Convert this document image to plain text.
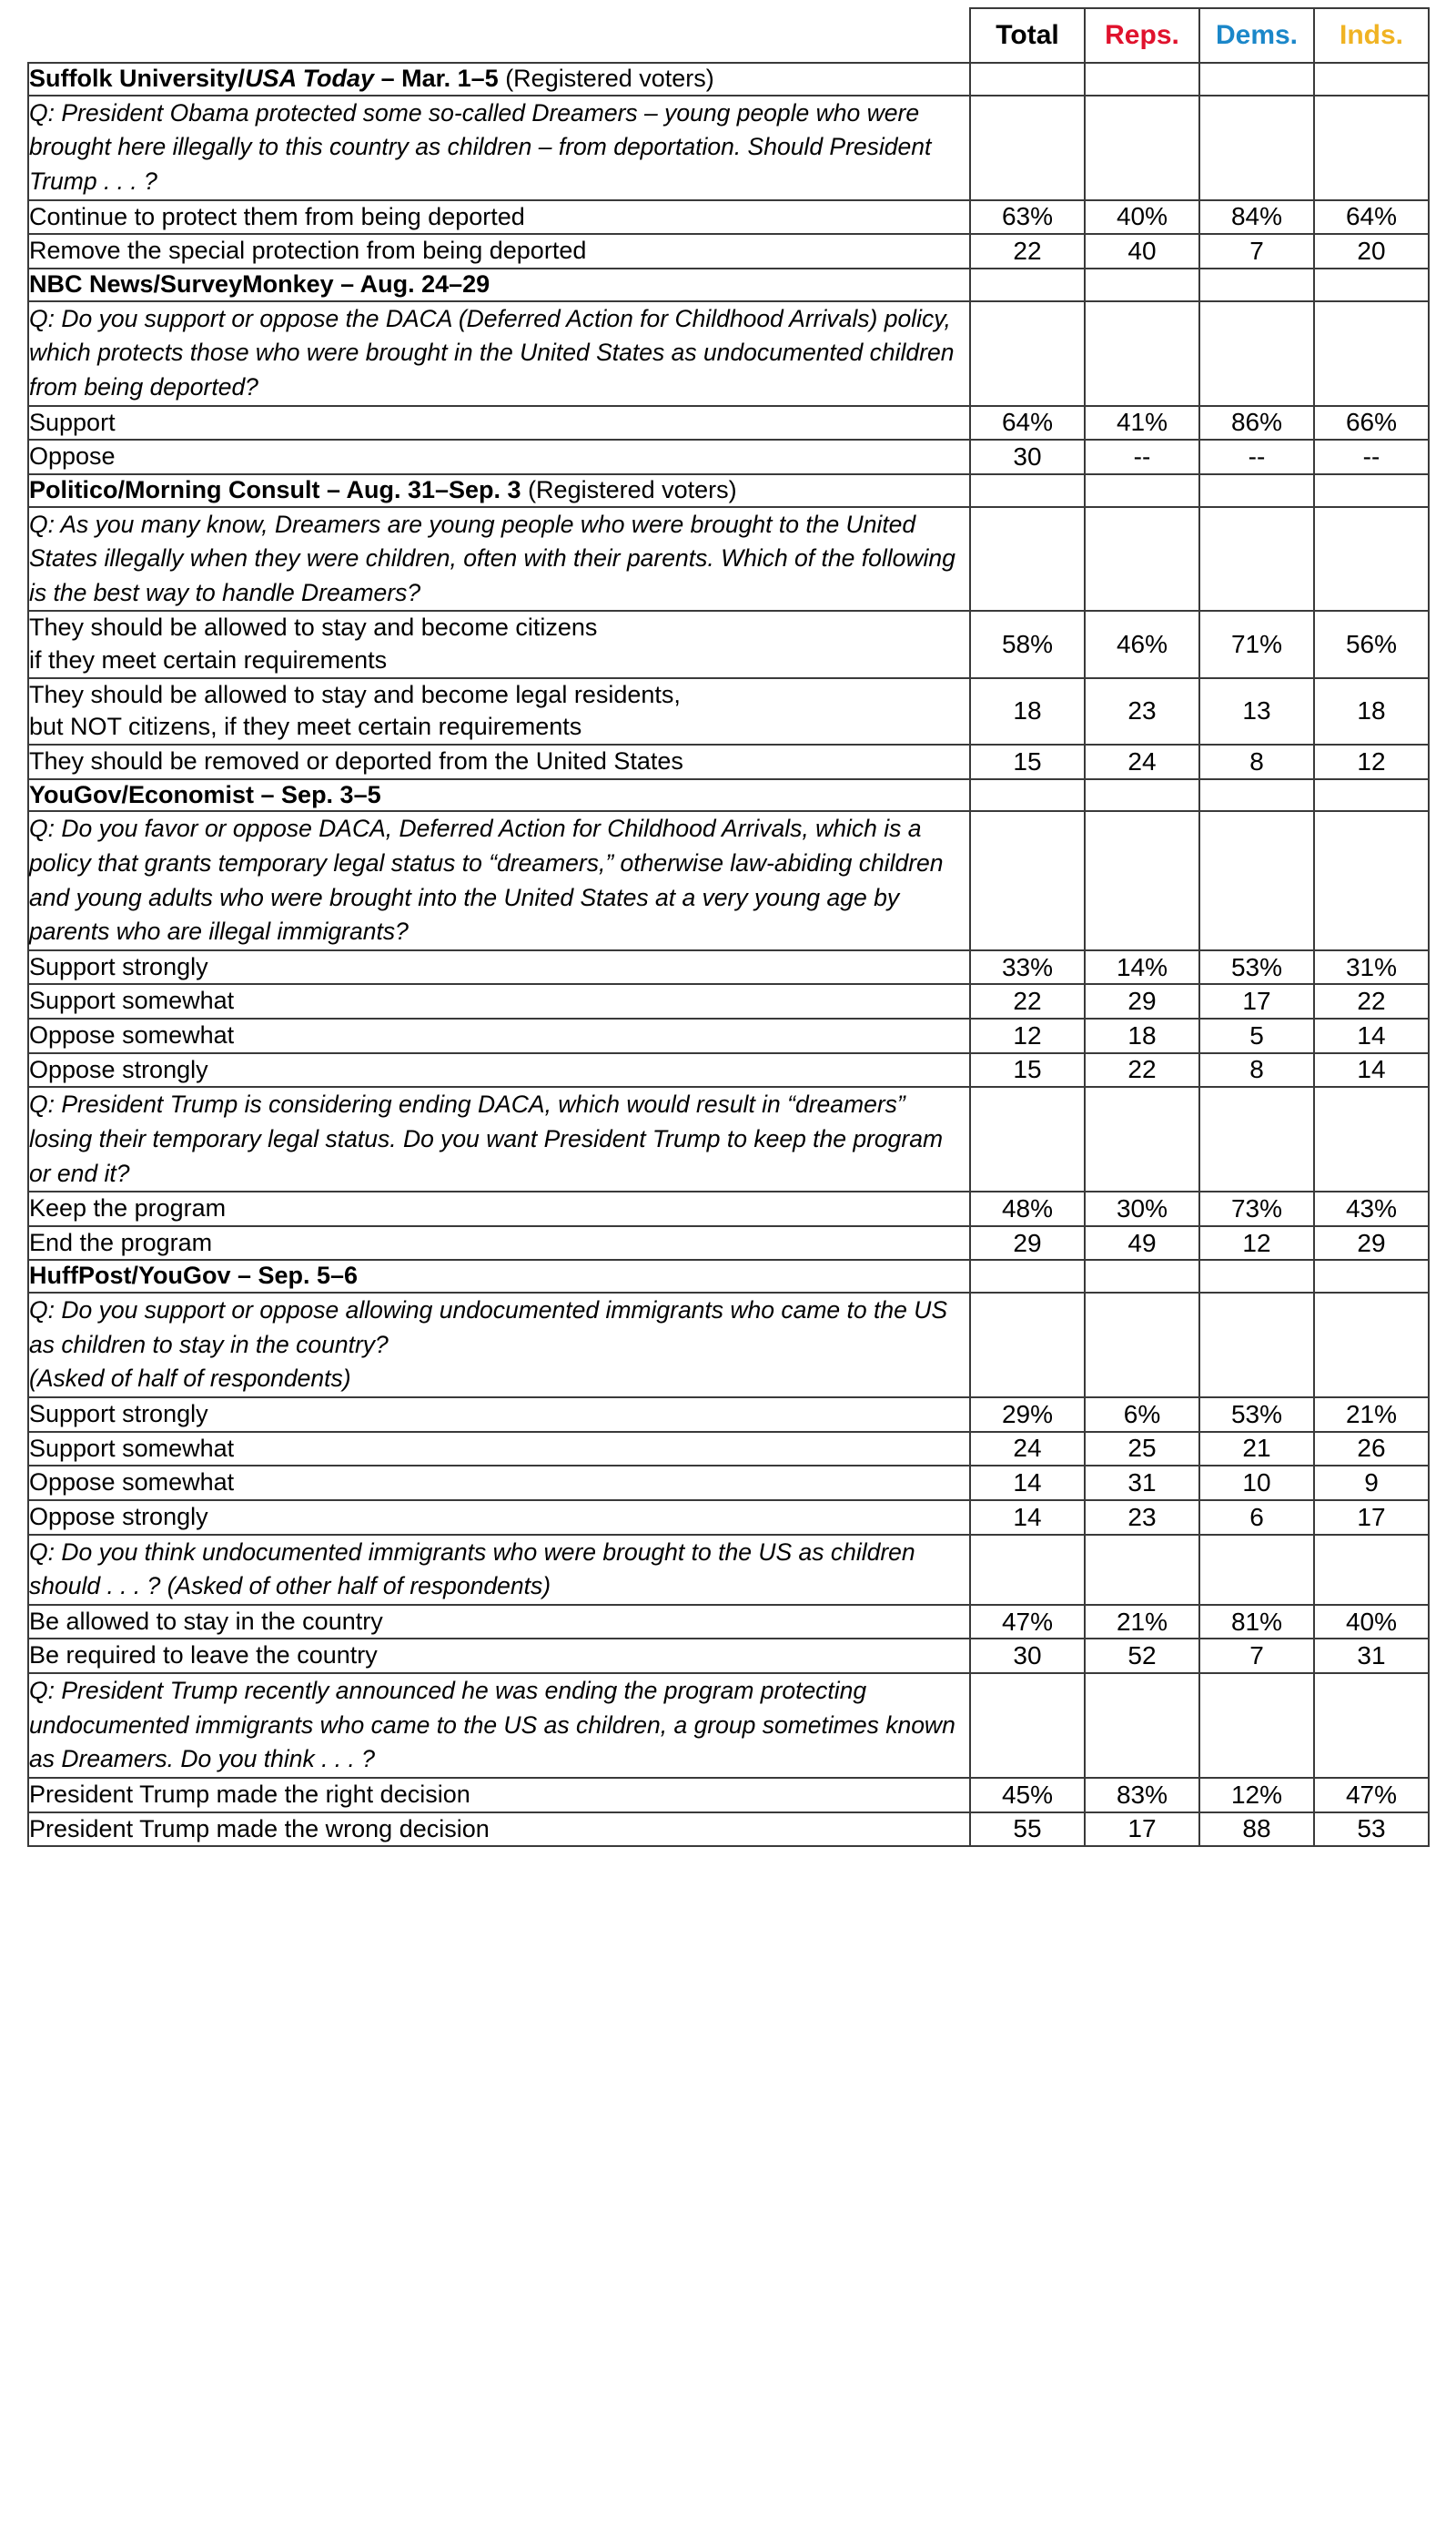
	Total	Reps.	Dems.	Inds.
Suffolk University/USA Today – Mar. 1–5 (Registered voters)				
Q: President Obama protected some so-called Dreamers – young people who were brought here illegally to this country as children – from deportation. Should President Trump . . . ?				
Continue to protect them from being deported	63%	40%	84%	64%
Remove the special protection from being deported	22	40	7	20
NBC News/SurveyMonkey – Aug. 24–29				
Q: Do you support or oppose the DACA (Deferred Action for Childhood Arrivals) policy, which protects those who were brought in the United States as undocumented children from being deported?				
Support	64%	41%	86%	66%
Oppose	30	--	--	--
Politico/Morning Consult – Aug. 31–Sep. 3 (Registered voters)				
Q: As you many know, Dreamers are young people who were brought to the United States illegally when they were children, often with their parents. Which of the following is the best way to handle Dreamers?				
They should be allowed to stay and become citizens
if they meet certain requirements	58%	46%	71%	56%
They should be allowed to stay and become legal residents,
but NOT citizens, if they meet certain requirements	18	23	13	18
They should be removed or deported from the United States	15	24	8	12
YouGov/Economist – Sep. 3–5				
Q: Do you favor or oppose DACA, Deferred Action for Childhood Arrivals, which is a policy that grants temporary legal status to “dreamers,” otherwise law-abiding children and young adults who were brought into the United States at a very young age by parents who are illegal immigrants?				
Support strongly	33%	14%	53%	31%
Support somewhat	22	29	17	22
Oppose somewhat	12	18	5	14
Oppose strongly	15	22	8	14
Q: President Trump is considering ending DACA, which would result in “dreamers” losing their temporary legal status. Do you want President Trump to keep the program or end it?				
Keep the program	48%	30%	73%	43%
End the program	29	49	12	29
HuffPost/YouGov – Sep. 5–6				
Q: Do you support or oppose allowing undocumented immigrants who came to the US as children to stay in the country?
(Asked of half of respondents)				
Support strongly	29%	6%	53%	21%
Support somewhat	24	25	21	26
Oppose somewhat	14	31	10	9
Oppose strongly	14	23	6	17
Q: Do you think undocumented immigrants who were brought to the US as children should . . . ? (Asked of other half of respondents)				
Be allowed to stay in the country	47%	21%	81%	40%
Be required to leave the country	30	52	7	31
Q: President Trump recently announced he was ending the program protecting undocumented immigrants who came to the US as children, a group sometimes known as Dreamers. Do you think . . . ?				
President Trump made the right decision	45%	83%	12%	47%
President Trump made the wrong decision	55	17	88	53
